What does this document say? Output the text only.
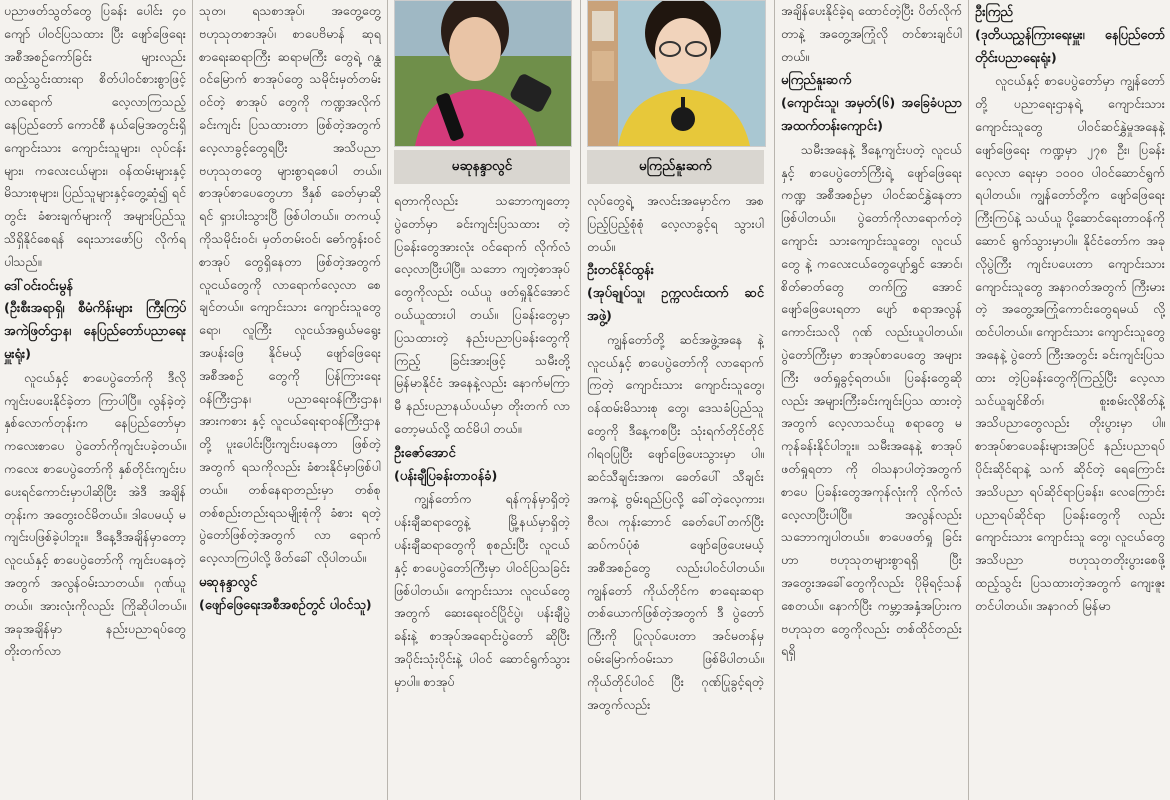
မဆုနန္ဒာလွင်	မကြည်နူးဆက်

ပညာဖတ်သွတ်တွေ ပြခန်း ပေါင်း ၄၀ ကျော် ပါဝင်ပြသထား ပြီး ဖျော်ဖြေရေး အစီအစဉ်ကော်ခြင်း များလည်း ထည့်သွင်းထားရာ စိတ်ပါဝင်စားစွာဖြင့် လာရောက် လေ့လာကြသည့် နေပြည်တော် ကောင်စီ နယ်မြေအတွင်းရှိ ကျောင်းသား ကျောင်းသူများ၊ လုပ်ငန်းများ၊ ကလေးငယ်များ၊ ဝန်ထမ်းများနှင့် မိသားစုများ၊ ပြည်သူများနှင့်တွေ့ဆုံ၍ ရင်တွင်း ခံစားချက်များကို အများပြည်သူ သိရှိနိုင်စေရန် ရေးသားဖော်ပြ လိုက်ရပါသည်။

ဒေါ်ဝင်းဝင်းမွန်

(ဦးစီးအရာရှိ၊ စီမံကိန်းများ ကြီးကြပ်အကဲဖြတ်ဌာန၊ နေပြည်တော်ပညာရေးမှူးရုံး)

လူငယ်နှင့် စာပေပွဲတော်ကို ဒီလိုကျင်းပပေးနိုင်ခဲ့တာ ကြာပါပြီ။ လွန်ခဲ့တဲ့နှစ်လောက်တုန်းက နေပြည်တော်မှာ ကလေးစာပေ ပွဲတော်ကိုကျင်းပခဲ့တယ်။ ကလေး စာပေပွဲတော်ကို နှစ်တိုင်းကျင်းပ ပေးရင်ကောင်းမှာပါဆိုပြီး အဲဒီ အချိန်တုန်းက အတွေးဝင်မိတယ်။ ဒါပေမယ့် မကျင်းပဖြစ်ခဲ့ပါဘူး။ ဒီနေ့ဒီအချိန်မှာတော့ လူငယ်နှင့် စာပေပွဲတော်ကို ကျင်းပနေတဲ့ အတွက် အလွန်ဝမ်းသာတယ်။ ဂုဏ်ယူတယ်။ အားလုံးကိုလည်း ကြိုဆိုပါတယ်။ အခုအချိန်မှာ နည်းပညာရပ်တွေ တိုးတက်လာ

သုတ၊ ရသစာအုပ်၊ အတွေ့တွေ့ ဗဟုသုတစာအုပ်၊ စာပေဗိမာန် ဆုရစာရေးဆရာကြီး ဆရာမကြီး တွေရဲ့ ဂန္ထဝင်မြောက် စာအုပ်တွေ သမိုင်းမှတ်တမ်းဝင်တဲ့ စာအုပ် တွေကို ကဏ္ဍအလိုက် ခင်းကျင်း ပြသထားတာ ဖြစ်တဲ့အတွက် လေ့လာခွင့်တွေရပြီး အသိပညာ ဗဟုသုတတွေ များစွာရစေပါ တယ်။ စာအုပ်စာပေတွေဟာ ဒီနှစ် ခေတ်မှာဆိုရင် ရှားပါးသွားပြီ ဖြစ်ပါတယ်။ တကယ့်ကိုသမိုင်းဝင်၊ မှတ်တမ်းဝင်၊ ဓော်ကွန်းဝင်စာအုပ် တွေရှိနေတာ ဖြစ်တဲ့အတွက် လူငယ်တွေကို လာရောက်လေ့လာ စေချင်တယ်။ ကျောင်းသား ကျောင်းသူတွေရော၊ လူကြီး လူငယ်အရွယ်မရွေး အပန်းဖြေ နိုင်မယ့် ဖျော်ဖြေရေးအစီအစဉ် တွေကို ပြန်ကြားရေးဝန်ကြီးဌာန၊ ပညာရေးဝန်ကြီးဌာန၊ အားကစား နှင့် လူငယ်ရေးရာဝန်ကြီးဌာနတို့ ပူးပေါင်းပြီးကျင်းပနေတာ ဖြစ်တဲ့ အတွက် ရသကိုလည်း ခံစားနိုင်မှာဖြစ်ပါ တယ်။ တစ်နေရာတည်းမှာ တစ်စု တစ်စည်းတည်းရသမျိုးစုံကို ခံစား ရတဲ့ ပွဲတော်ဖြစ်တဲ့အတွက် လာ ရောက်လေ့လာကြပါလို့ ဖိတ်ခေါ် လိုပါတယ်။

မဆုနန္ဒာလွင်

(ဖျော်ဖြေရေးအစီအစဉ်တွင် ပါဝင်သူ)

ရတာကိုလည်း သဘောကျတော့ ပွဲတော်မှာ ခင်းကျင်းပြသထား တဲ့ ပြခန်းတွေအားလုံး ဝင်ရောက် လိုက်လံလေ့လာပြီးပါပြီ။ သဘော ကျတဲ့စာအုပ်တွေကိုလည်း ဝယ်ယူ ဖတ်ရှုနိုင်အောင် ဝယ်ယူထားပါ တယ်။ ပြခန်းတွေမှာ ပြသထားတဲ့ နည်းပညာပြခန်းတွေကို ကြည့် ခြင်းအားဖြင့် သမီးတို့ မြန်မာနိုင်ငံ အနေနဲ့လည်း နောက်မကြာမီ နည်းပညာနယ်ပယ်မှာ တိုးတက် လာတော့မယ်လို့ ထင်မိပါ တယ်။

ဦးဇော်အောင်

(ပန်းချီပြခန်းတာဝန်ခံ)

ကျွန်တော်က ရန်ကုန်မှာရှိတဲ့ ပန်းချီဆရာတွေနဲ့ မြို့နယ်မှာရှိတဲ့ ပန်းချီဆရာတွေကို စုစည်းပြီး လူငယ်နှင့် စာပေပွဲတော်ကြီးမှာ ပါဝင်ပြသခြင်း ဖြစ်ပါတယ်။ ကျောင်းသား လူငယ်တွေအတွက် ဆေးရေးဝင်ပြိုင်ပွဲ၊ ပန်းချီပွဲ ခန်းနဲ့ စာအုပ်အရောင်းပွဲတော် ဆိုပြီး အပိုင်းသုံးပိုင်းနဲ့ ပါဝင် ဆောင်ရွက်သွားမှာပါ။ စာအုပ်

လုပ်တွေရဲ့ အလင်းအမှောင်က အစ ပြည့်ပြည့်စုံစုံ လေ့လာခွင့်ရ သွားပါတယ်။

ဦးတင်နိုင်ထွန်း

(အုပ်ချုပ်သူ၊ ဥက္ကလင်းထက် ဆင်အဖွဲ့)

ကျွန်တော်တို့ ဆင်အဖွဲ့အနေ နဲ့ လူငယ်နှင့် စာပေပွဲတော်ကို လာရောက်ကြတဲ့ ကျောင်းသား ကျောင်းသူတွေ၊ ဝန်ထမ်းမိသားစု တွေ၊ ဒေသခံပြည်သူတွေကို ဒီနေ့ကစပြီး သုံးရက်တိုင်တိုင် ဂါရဝပြုပြီး ဖျော်ဖြေပေးသွားမှာ ပါ။ ဆင်သီချင်းအက၊ ခေတ်ပေါ် သီချင်းအကနဲ့ ဗွမ်းရည်ပြလို့ ခေါ်တဲ့လေ့ကား၊ ဗီလ၊ ကုန်းဘောင် ခေတ်ပေါ်တက်ပြီး ဆပ်ကပ်ပုံစံ ဖျော်ဖြေပေးမယ့် အစီအစဉ်တွေ လည်းပါဝင်ပါတယ်။ ကျွန်တော် ကိုယ်တိုင်က စာရေးဆရာ တစ်ယောက်ဖြစ်တဲ့အတွက် ဒီ ပွဲတော်ကြီးကို ပြုလုပ်ပေးတာ အင်မတန်မှ ဝမ်းမြောက်ဝမ်းသာ ဖြစ်မိပါတယ်။ ကိုယ်တိုင်ပါဝင် ပြီး ဂုဏ်ပြုခွင့်ရတဲ့အတွက်လည်း

အချိန်ပေးနိုင်ခဲ့ရ ထောင်တဲ့ပြီး ပိတ်လိုက်တာနဲ့ အတွေ့အကြုံလို တင်စားချင်ပါတယ်။

မကြည်နူးဆက်

(ကျောင်းသူ၊ အမှတ်(၆) အခြေခံပညာ အထက်တန်းကျောင်း)

သမီးအနေနဲ့ ဒီနေ့ကျင်းပတဲ့ လူငယ်နှင့် စာပေပွဲတော်ကြီးရဲ့ ဖျော်ဖြေရေးကဏ္ဍ အစီအစဉ်မှာ ပါဝင်ဆင်နွှဲနေတာ ဖြစ်ပါတယ်။ ပွဲတော်ကိုလာရောက်တဲ့ ကျောင်း သားကျောင်းသူတွေ၊ လူငယ်တွေ နဲ့ ကလေးငယ်တွေပျော်ရွှင် အောင်၊ စိတ်ဓာတ်တွေ တက်ကြွ အောင် ဖျော်ဖြေပေးရတာ ပျော် စရာအလွန်ကောင်းသလို ဂုဏ် လည်းယူပါတယ်။ ပွဲတော်ကြီးမှာ စာအုပ်စာပေတွေ အများကြီး ဖတ်ရှုခွင့်ရတယ်။ ပြခန်းတွေဆို လည်း အများကြီးခင်းကျင်းပြသ ထားတဲ့အတွက် လေ့လာသင်ယူ စရာတွေ မကုန်ခန်းနိုင်ပါဘူး။ သမီးအနေနဲ့ စာအုပ်ဖတ်ရှုရတာ ကို ဝါသနာပါတဲ့အတွက် စာပေ ပြခန်းတွေအကုန်လုံးကို လိုက်လံ လေ့လာပြီးပါပြီ။ အလွန်လည်း သဘောကျပါတယ်။ စာပေဖတ်ရှု ခြင်းဟာ ဗဟုသုတများစွာရရှိ ပြီး အတွေးအခေါ်တွေကိုလည်း ပိုမိုရင့်သန်စေတယ်။ နောက်ပြီး ကမ္ဘာ့အနှံ့အပြားက ဗဟုသုတ တွေကိုလည်း တစ်ထိုင်တည်း ရရှိ

ဦးကြည်

(ဒုတိယညွှန်ကြားရေးမှူး၊ နေပြည်တော်တိုင်းပညာရေးရုံး)

လူငယ်နှင့် စာပေပွဲတော်မှာ ကျွန်တော်တို့ ပညာရေးဌာနရဲ့ ကျောင်းသား ကျောင်းသူတွေ ပါဝင်ဆင်နွှဲမှုအနေနဲ့ ဖျော်ဖြေရေး ကဏ္ဍမှာ ၂၇၈ ဦး၊ ပြခန်းလေ့လာ ရေးမှာ ၁၀၀၀ ပါဝင်ဆောင်ရွက် ရပါတယ်။ ကျွန်တော်တို့က ဖျော်ဖြေရေးကြီးကြပ်နဲ့ သယ်ယူ ပို့ဆောင်ရေးတာဝန်ကို ဆောင် ရွက်သွားမှာပါ။ နိုင်ငံတော်က အခုလိုပွဲကြီး ကျင်းပပေးတာ ကျောင်းသား ကျောင်းသူတွေ အနာဂတ်အတွက် ကြီးမားတဲ့ အတွေ့အကြုံကောင်းတွေရမယ် လို့ ထင်ပါတယ်။ ကျောင်းသား ကျောင်းသူတွေအနေနဲ့ ပွဲတော် ကြီးအတွင်း ခင်းကျင်းပြသထား တဲ့ပြခန်းတွေကိုကြည့်ပြီး လေ့လာ သင်ယူချင်စိတ်၊ စူးစမ်းလိုစိတ်နဲ့ အသိပညာတွေလည်း တိုးပွားမှာ ပါ။ စာအုပ်စာပေခန်းများအပြင် နည်းပညာရပ်ပိုင်းဆိုင်ရာနဲ့ သက် ဆိုင်တဲ့ ရေကြောင်းအသိပညာ ရပ်ဆိုင်ရာပြခန်း၊ လေကြောင်း ပညာရပ်ဆိုင်ရာ ပြခန်းတွေကို လည်း ကျောင်းသား ကျောင်းသူ တွေ၊ လူငယ်တွေ အသိပညာ ဗဟုသုတတိုးပွားစေဖို့ ထည့်သွင်း ပြသထားတဲ့အတွက် ကျေးဇူး တင်ပါတယ်။ အနာဂတ် မြန်မာ
